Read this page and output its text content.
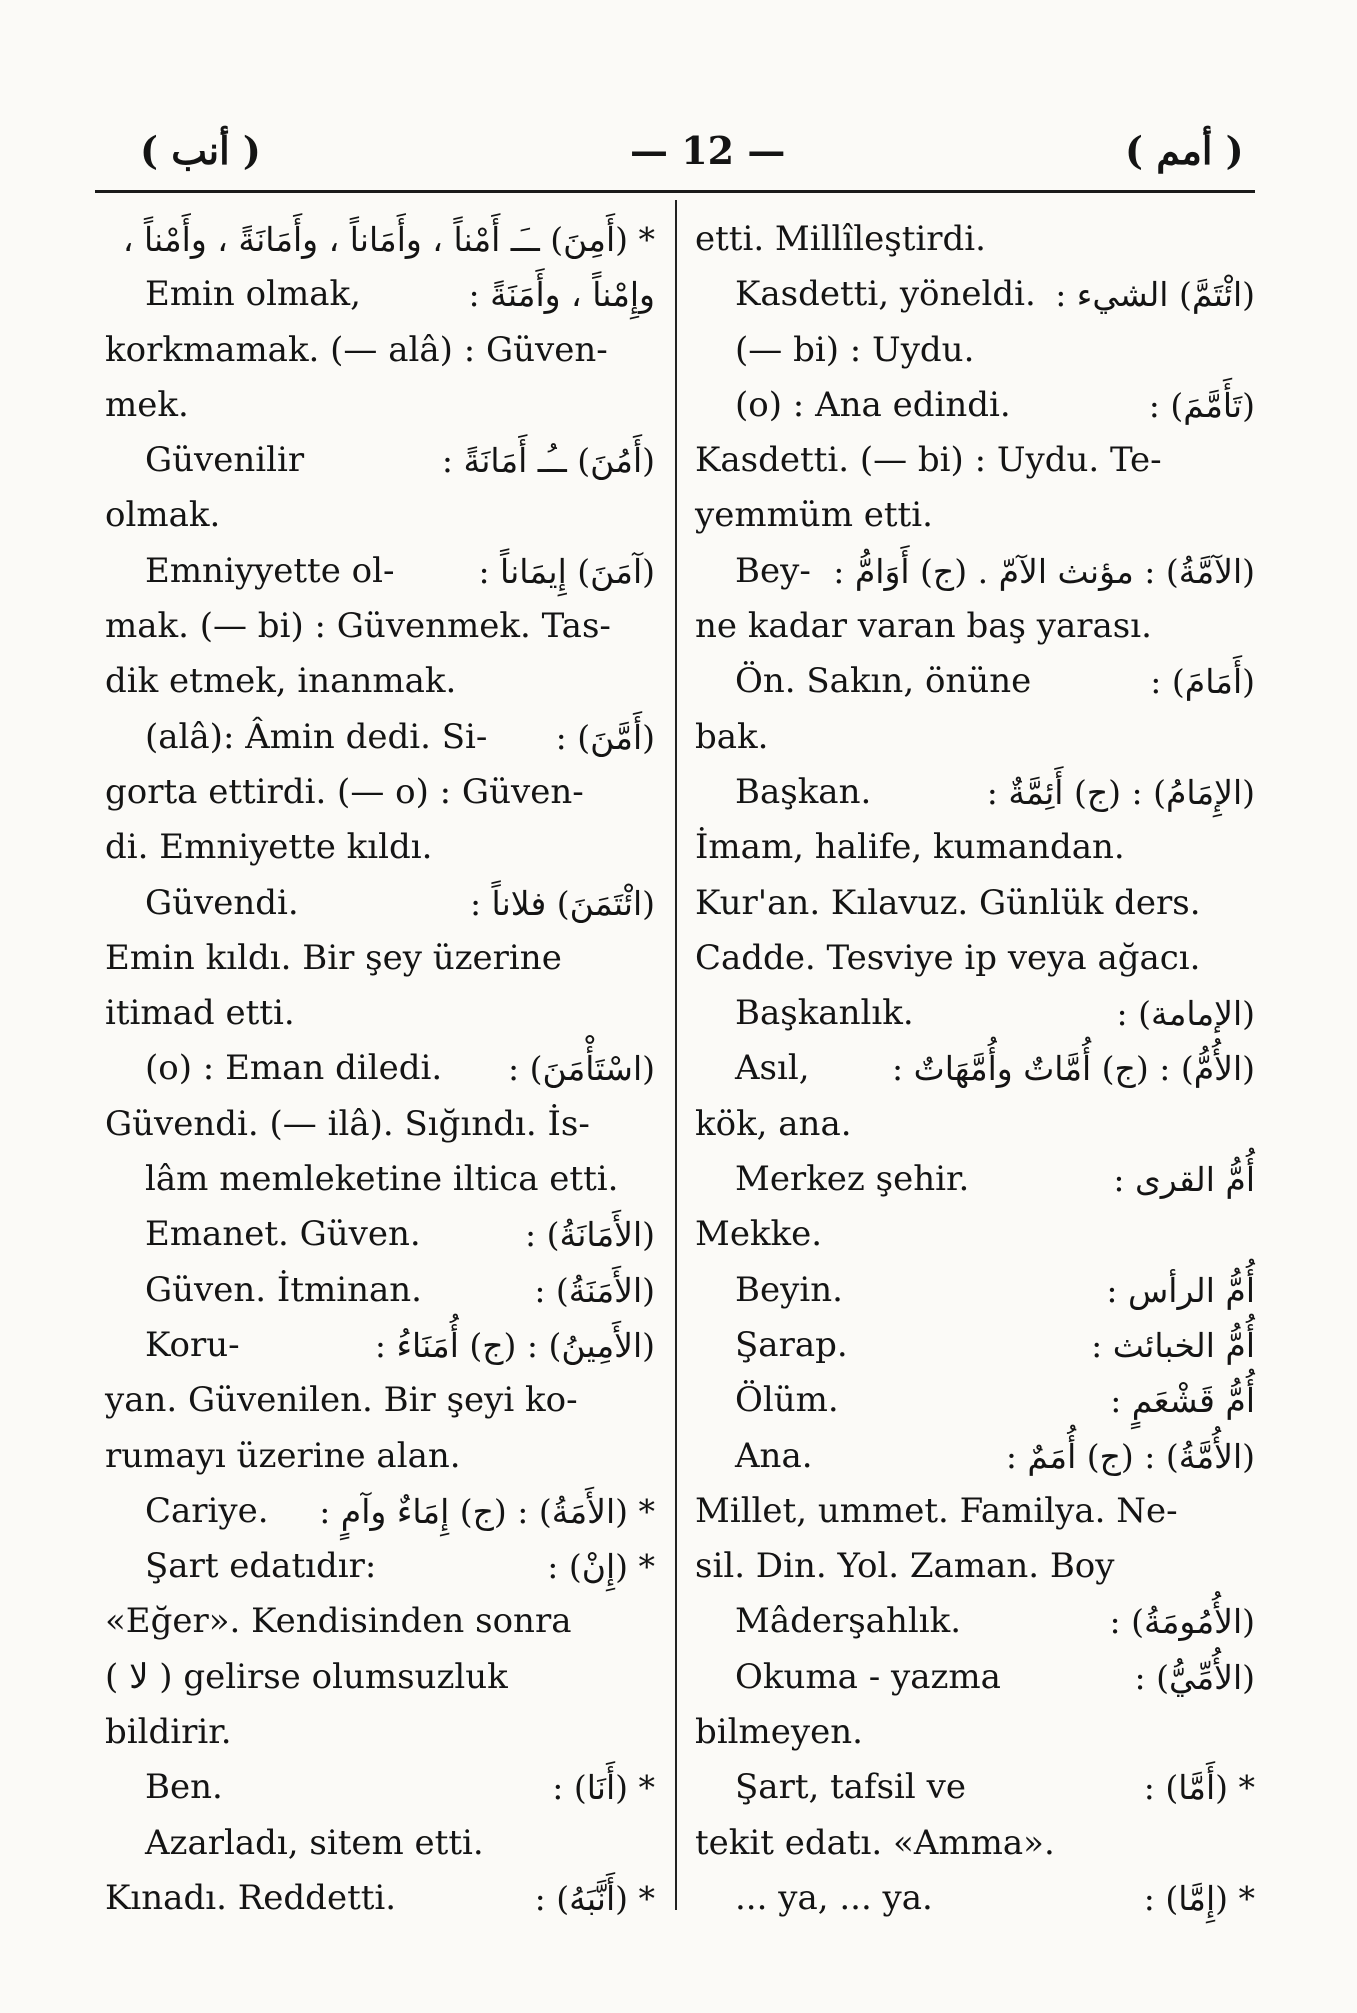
( أنب )	— 12 —	( أمم )
* (أَمِنَ) ــَـ أَمْناً ، وأَمَاناً ، وأَمَانَةً ، وأَمْناً ،
Emin olmak,	وإِمْناً ، وأَمَنَةً :
korkmamak. (— alâ) : Güven-
mek.
Güvenilir	(أَمُنَ) ــُـ أَمَانَةً :
olmak.
Emniyyette ol-	(آمَنَ) إِيمَاناً :
mak. (— bi) : Güvenmek. Tas-
dik etmek, inanmak.
(alâ): Âmin dedi. Si- (أَمَّنَ) :
gorta ettirdi. (— o) : Güven-
di. Emniyette kıldı.
Güvendi.	(ائْتَمَنَ) فلاناً :
Emin kıldı. Bir şey üzerine
itimad etti.
(o) : Eman diledi. (اسْتَأْمَنَ) :
Güvendi. (— ilâ). Sığındı. İs-
lâm memleketine iltica etti.
Emanet. Güven.	(الأَمَانَةُ) :
Güven. İtminan.	(الأَمَنَةُ) :
Koru-	(الأَمِينُ) : (ج) أُمَنَاءُ :
yan. Güvenilen. Bir şeyi ko-
rumayı üzerine alan.
Cariye. * (الأَمَةُ) : (ج) إِمَاءٌ وآمٍ :
Şart edatıdır:	* (إِنْ) :
«Eğer». Kendisinden sonra
( لا ) gelirse olumsuzluk
bildirir.
Ben.	* (أَنَا) :
Azarladı, sitem etti.
Kınadı. Reddetti.	* (أَنَّبَهُ) :
etti. Millîleştirdi.
Kasdetti, yöneldi. (ائْتَمَّ) الشيء :
(— bi) : Uydu.
(o) : Ana edindi.	(تَأَمَّمَ) :
Kasdetti. (— bi) : Uydu. Te-
yemmüm etti.
Bey- (الآمَّةُ) : مؤنث الآمّ . (ج) أَوَامُّ :
ne kadar varan baş yarası.
Ön. Sakın, önüne	(أَمَامَ) :
bak.
Başkan.	(الإِمَامُ) : (ج) أَئِمَّةٌ :
İmam, halife, kumandan.
Kur'an. Kılavuz. Günlük ders.
Cadde. Tesviye ip veya ağacı.
Başkanlık.	(الإمامة) :
Asıl, (الأُمُّ) : (ج) أُمَّاتٌ وأُمَّهَاتٌ :
kök, ana.
Merkez şehir.	أُمُّ القرى :
Mekke.
Beyin.	أُمُّ الرأس :
Şarap.	أُمُّ الخبائث :
Ölüm.	أُمُّ قَشْعَمٍ :
Ana.	(الأُمَّةُ) : (ج) أُمَمٌ :
Millet, ummet. Familya. Ne-
sil. Din. Yol. Zaman. Boy
Mâderşahlık.	(الأُمُومَةُ) :
Okuma - yazma	(الأُمِّيُّ) :
bilmeyen.
Şart, tafsil ve	* (أَمَّا) :
tekit edatı. «Amma».
... ya, ... ya.	* (إِمَّا) :
